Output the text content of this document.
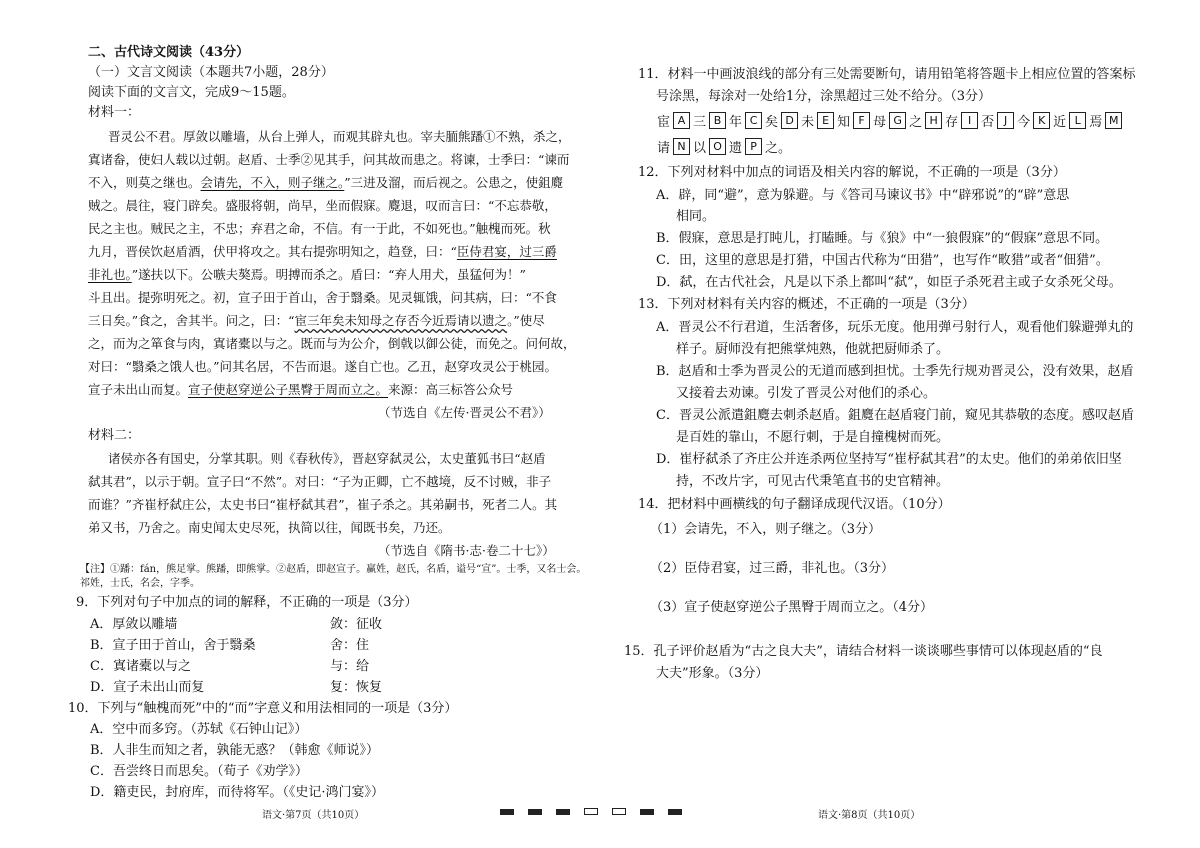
二、古代诗文阅读（43分）
（一）文言文阅读（本题共7小题，28分）
阅读下面的文言文，完成9～15题。
材料一：
晋灵公不君。厚敛以雕墙，从台上弹人，而观其辟丸也。宰夫胹熊蹯①不熟，杀之，
寘诸畚，使妇人载以过朝。赵盾、士季②见其手，问其故而患之。将谏，士季曰：“谏而
不入，则莫之继也。会请先，不入，则子继之。”三进及溜，而后视之。公患之，使鉏麑
贼之。晨往，寝门辟矣。盛服将朝，尚早，坐而假寐。麑退，叹而言曰：“不忘恭敬，
民之主也。贼民之主，不忠；弃君之命，不信。有一于此，不如死也。”触槐而死。秋
九月，晋侯饮赵盾酒，伏甲将攻之。其右提弥明知之，趋登，曰：“臣侍君宴，过三爵
非礼也。”遂扶以下。公嗾夫獒焉。明搏而杀之。盾曰：“弃人用犬，虽猛何为！”
斗且出。提弥明死之。初，宣子田于首山，舍于翳桑。见灵辄饿，问其病，曰：“不食
三日矣。”食之，舍其半。问之，曰：“宦三年矣未知母之存否今近焉请以遗之。”使尽
之，而为之箪食与肉，寘诸橐以与之。既而与为公介，倒戟以御公徒，而免之。问何故，
对曰：“翳桑之饿人也。”问其名居，不告而退。遂自亡也。乙丑，赵穿攻灵公于桃园。
宣子未出山而复。宣子使赵穿逆公子黑臀于周而立之。来源：高三标答公众号
（节选自《左传·晋灵公不君》）
材料二：
诸侯亦各有国史，分掌其职。则《春秋传》，晋赵穿弑灵公，太史董狐书曰“赵盾
弑其君”，以示于朝。宣子曰“不然”。对曰：“子为正卿，亡不越境，反不讨贼，非子
而谁？”齐崔杼弑庄公，太史书曰“崔杼弑其君”，崔子杀之。其弟嗣书，死者二人。其
弟又书，乃舍之。南史闻太史尽死，执简以往，闻既书矣，乃还。
（节选自《隋书·志·卷二十七》）
【注】①蹯：fán，熊足掌。熊蹯，即熊掌。②赵盾，即赵宣子。赢姓，赵氏，名盾，谥号“宣”。士季，又名士会。
祁姓，士氏，名会，字季。
9．下列对句子中加点的词的解释，不正确的一项是（3分）
A．厚敛以雕墙	敛：征收
B．宣子田于首山，舍于翳桑	舍：住
C．寘诸橐以与之	与：给
D．宣子未出山而复	复：恢复
10．下列与“触槐而死”中的“而”字意义和用法相同的一项是（3分）
A．空中而多窍。（苏轼《石钟山记》）
B．人非生而知之者，孰能无惑？（韩愈《师说》）
C．吾尝终日而思矣。（荀子《劝学》）
D．籍吏民，封府库，而待将军。（《史记·鸿门宴》）
语文·第7页（共10页）
11．材料一中画波浪线的部分有三处需要断句，请用铅笔将答题卡上相应位置的答案标
号涂黑，每涂对一处给1分，涂黑超过三处不给分。（3分）
宦 A 三 B 年 C 矣 D 未 E 知 F 母 G 之 H 存 I 否 J 今 K 近 L 焉 M
请 N 以 O 遗 P 之。
12．下列对材料中加点的词语及相关内容的解说，不正确的一项是（3分）
A．辟，同“避”，意为躲避。与《答司马谏议书》中“辟邪说”的“辟”意思
相同。
B．假寐，意思是打盹儿，打瞌睡。与《狼》中“一狼假寐”的“假寐”意思不同。
C．田，这里的意思是打猎，中国古代称为“田猎”，也写作“畋猎”或者“佃猎”。
D．弑，在古代社会，凡是以下杀上都叫“弑”，如臣子杀死君主或子女杀死父母。
13．下列对材料有关内容的概述，不正确的一项是（3分）
A．晋灵公不行君道，生活奢侈，玩乐无度。他用弹弓射行人，观看他们躲避弹丸的
样子。厨师没有把熊掌炖熟，他就把厨师杀了。
B．赵盾和士季为晋灵公的无道而感到担忧。士季先行规劝晋灵公，没有效果，赵盾
又接着去劝谏。引发了晋灵公对他们的杀心。
C．晋灵公派遣鉏麑去刺杀赵盾。鉏麑在赵盾寝门前，窥见其恭敬的态度。感叹赵盾
是百姓的靠山，不愿行刺，于是自撞槐树而死。
D．崔杼弑杀了齐庄公并连杀两位坚持写“崔杼弑其君”的太史。他们的弟弟依旧坚
持，不改片字，可见古代秉笔直书的史官精神。
14．把材料中画横线的句子翻译成现代汉语。（10分）
（1）会请先，不入，则子继之。（3分）
（2）臣侍君宴，过三爵，非礼也。（3分）
（3）宣子使赵穿逆公子黑臀于周而立之。（4分）
15．孔子评价赵盾为“古之良大夫”，请结合材料一谈谈哪些事情可以体现赵盾的“良
大夫”形象。（3分）
语文·第8页（共10页）
